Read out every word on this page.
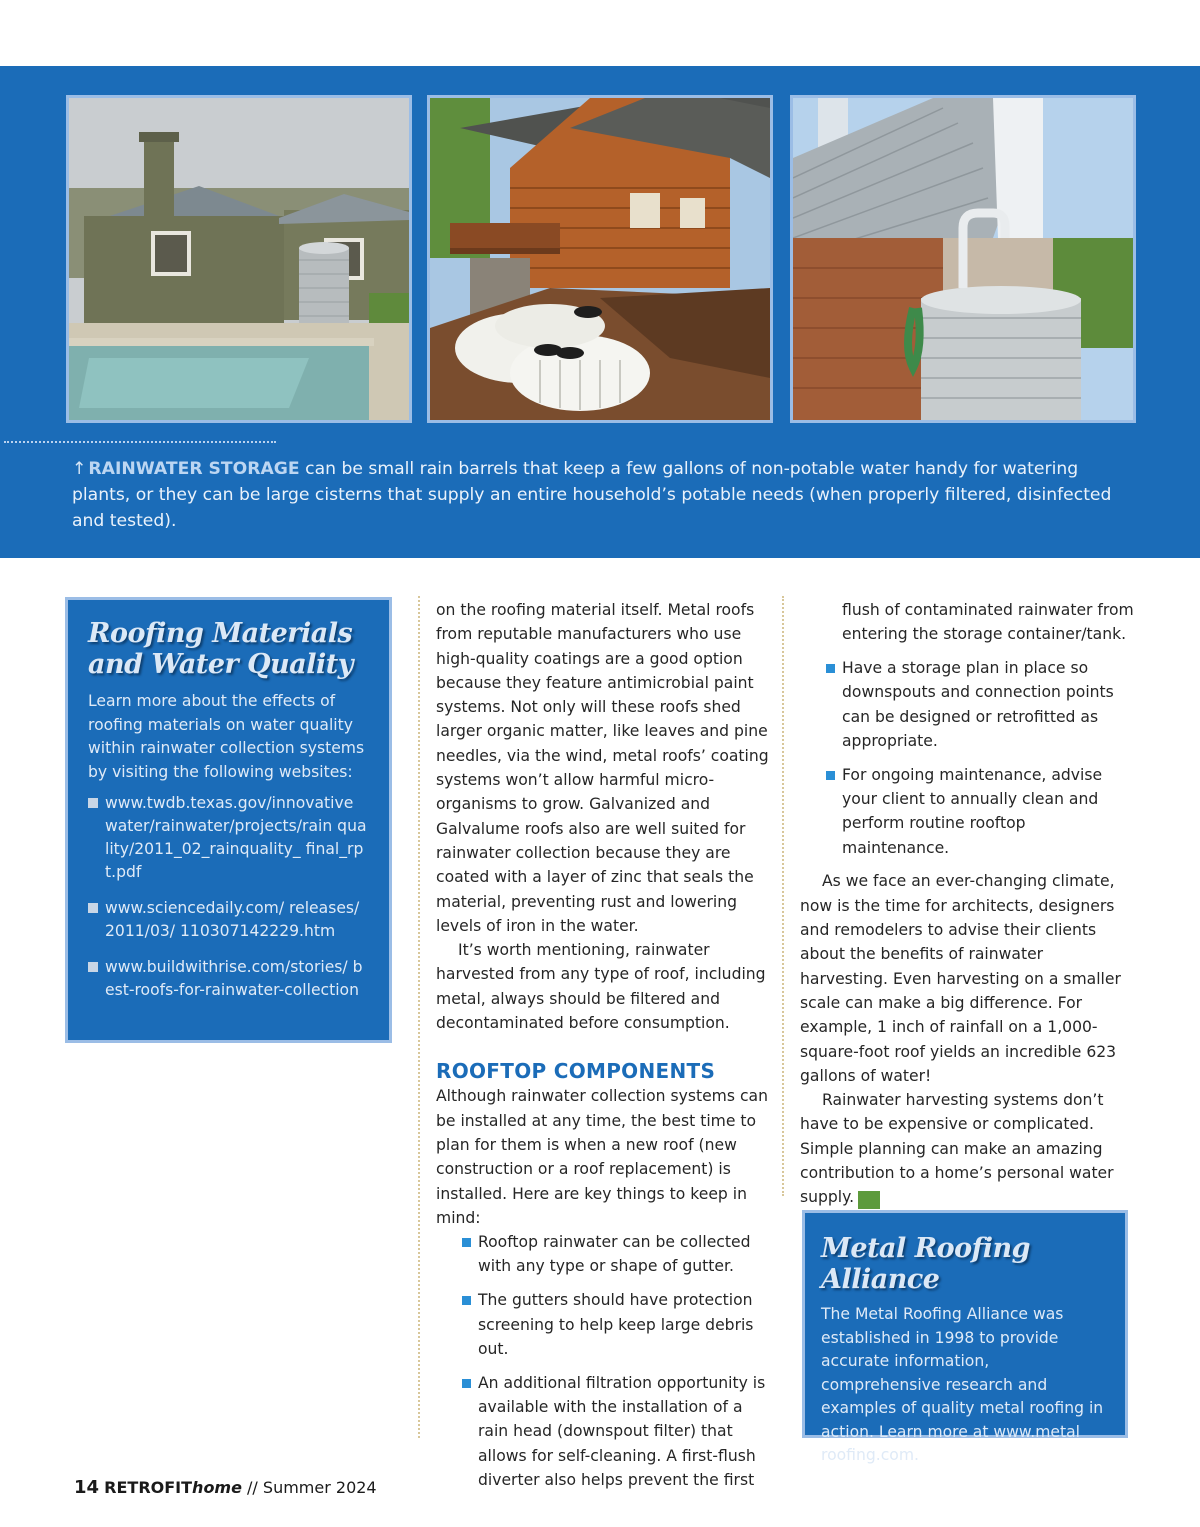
↑ RAINWATER STORAGE can be small rain barrels that keep a few gallons of non-potable water handy for watering plants, or they can be large cisterns that supply an entire household’s potable needs (when properly filtered, disinfected and tested).

Roofing Materials and Water Quality

Learn more about the effects of roofing materials on water quality within rainwater collection systems by visiting the following websites:

www.twdb.texas.gov/innovative water/rainwater/projects/rain quality/2011_02_rainquality_ final_rpt.pdf
www.sciencedaily.com/ releases/2011/03/ 110307142229.htm
www.buildwithrise.com/stories/ best-roofs-for-rainwater-collection

on the roofing material itself. Metal roofs from reputable manufacturers who use high-quality coatings are a good option because they feature antimicrobial paint systems. Not only will these roofs shed larger organic matter, like leaves and pine needles, via the wind, metal roofs’ coating systems won’t allow harmful micro-organisms to grow. Galvanized and Galvalume roofs also are well suited for rainwater collection because they are coated with a layer of zinc that seals the material, preventing rust and lowering levels of iron in the water.

It’s worth mentioning, rainwater harvested from any type of roof, including metal, always should be filtered and decontaminated before consumption.

ROOFTOP COMPONENTS

Although rainwater collection systems can be installed at any time, the best time to plan for them is when a new roof (new construction or a roof replacement) is installed. Here are key things to keep in mind:

Rooftop rainwater can be collected with any type or shape of gutter.
The gutters should have protection screening to help keep large debris out.
An additional filtration opportunity is available with the installation of a rain head (downspout filter) that allows for self-cleaning. A first-flush diverter also helps prevent the first

flush of contaminated rainwater from entering the storage container/tank.

Have a storage plan in place so downspouts and connection points can be designed or retrofitted as appropriate.
For ongoing maintenance, advise your client to annually clean and perform routine rooftop maintenance.

As we face an ever-changing climate, now is the time for architects, designers and remodelers to advise their clients about the benefits of rainwater harvesting. Even harvesting on a smaller scale can make a big difference. For example, 1 inch of rainfall on a 1,000-square-foot roof yields an incredible 623 gallons of water!

Rainwater harvesting systems don’t have to be expensive or complicated. Simple planning can make an amazing contribution to a home’s personal water supply. TH

Metal Roofing Alliance

The Metal Roofing Alliance was established in 1998 to provide accurate information, comprehensive research and examples of quality metal roofing in action. Learn more at www.metal roofing.com.

14 RETROFIThome // Summer 2024
